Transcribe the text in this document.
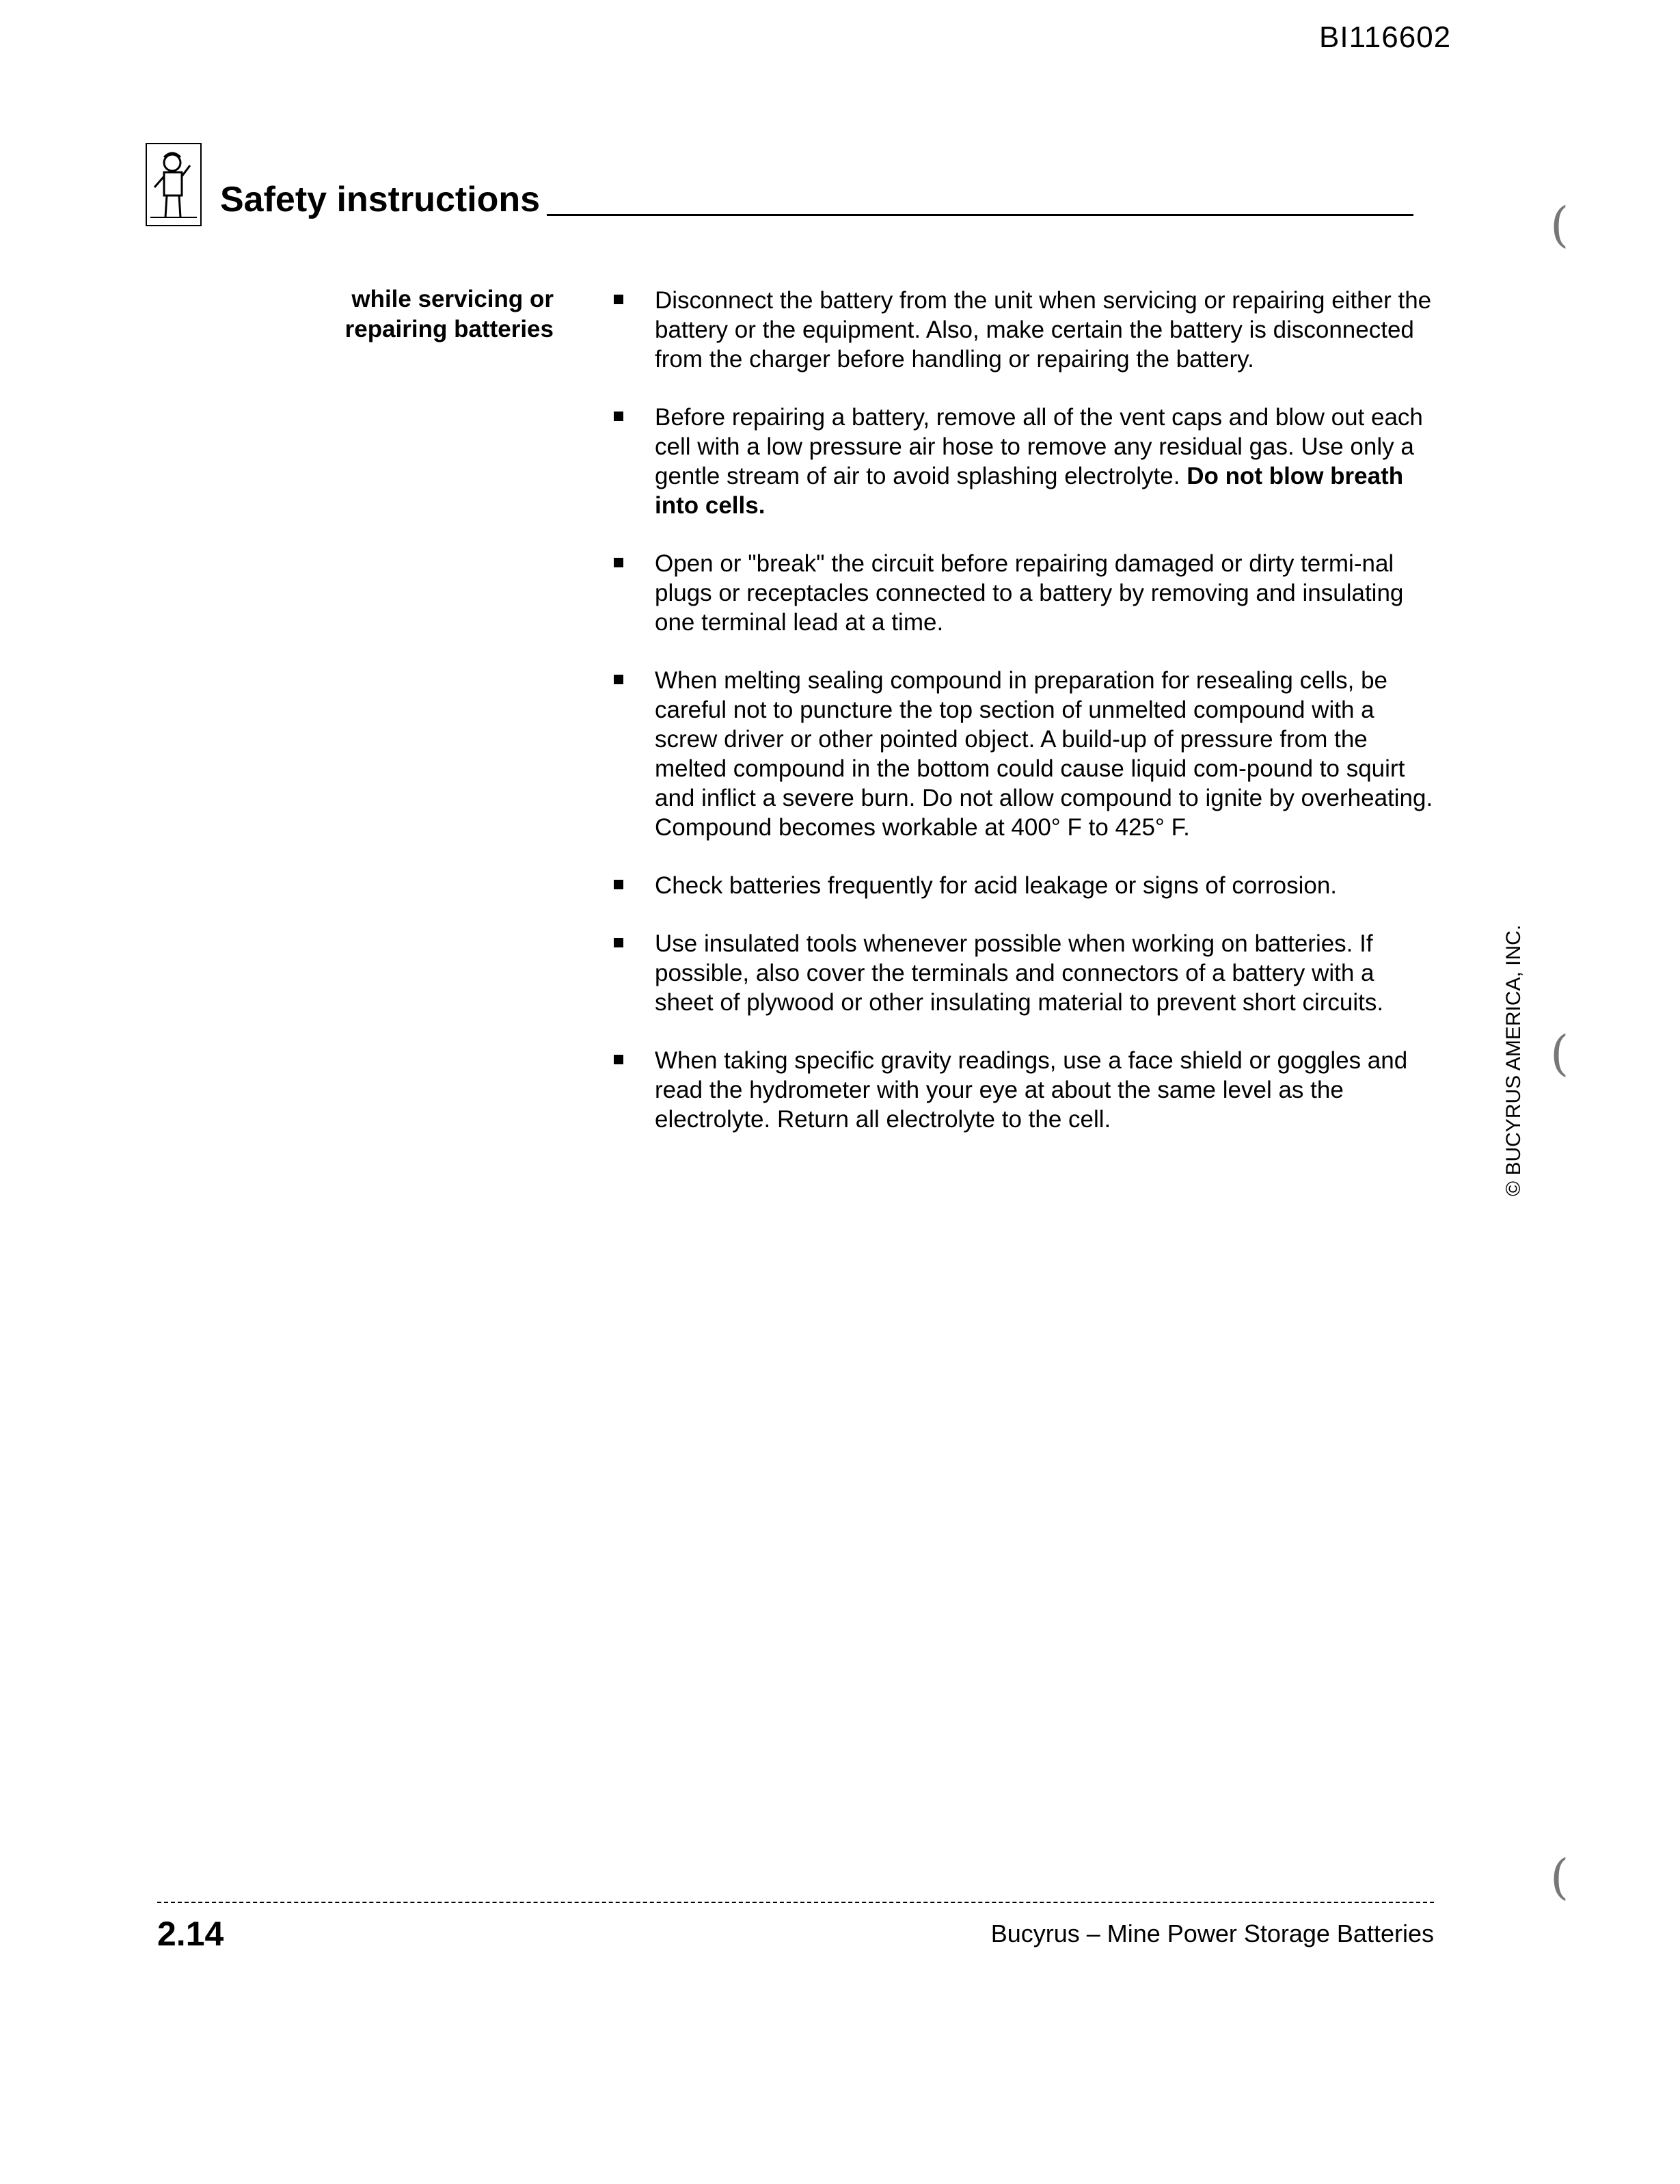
BI116602
Safety instructions
while servicing or
repairing batteries
Disconnect the battery from the unit when servicing or repairing either the battery or the equipment. Also, make certain the battery is disconnected from the charger before handling or repairing the battery.
Before repairing a battery, remove all of the vent caps and blow out each cell with a low pressure air hose to remove any residual gas. Use only a gentle stream of air to avoid splashing electrolyte. Do not blow breath into cells.
Open or "break" the circuit before repairing damaged or dirty termi-nal plugs or receptacles connected to a battery by removing and insulating one terminal lead at a time.
When melting sealing compound in preparation for resealing cells, be careful not to puncture the top section of unmelted compound with a screw driver or other pointed object. A build-up of pressure from the melted compound in the bottom could cause liquid com-pound to squirt and inflict a severe burn. Do not allow compound to ignite by overheating. Compound becomes workable at 400° F to 425° F.
Check batteries frequently for acid leakage or signs of corrosion.
Use insulated tools whenever possible when working on batteries. If possible, also cover the terminals and connectors of a battery with a sheet of plywood or other insulating material to prevent short circuits.
When taking specific gravity readings, use a face shield or goggles and read the hydrometer with your eye at about the same level as the electrolyte. Return all electrolyte to the cell.	© BUCYRUS AMERICA, INC.
(
(
(
2.14	Bucyrus – Mine Power Storage Batteries
